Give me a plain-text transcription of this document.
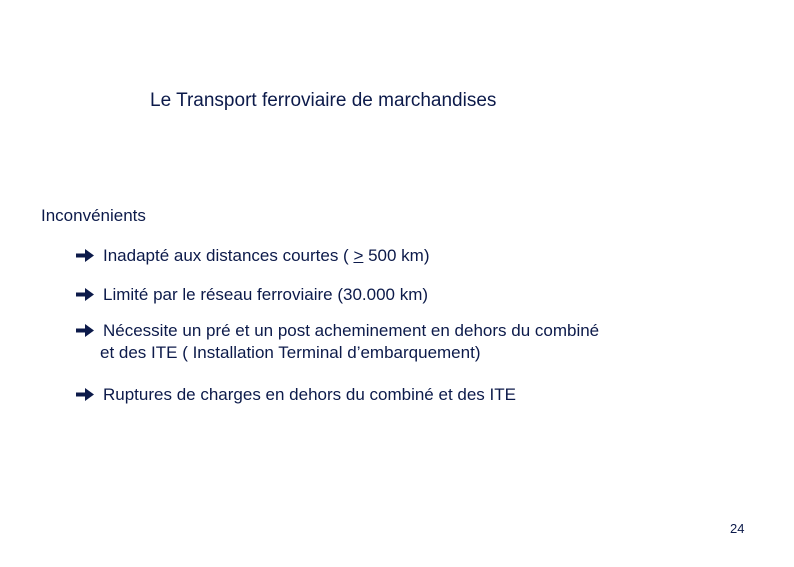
Le Transport ferroviaire de marchandises
Inconvénients
Inadapté aux distances courtes ( > 500 km)
Limité par le réseau ferroviaire (30.000 km)
Nécessite un pré et un post acheminement en dehors du combiné
et des ITE ( Installation Terminal d’embarquement)
Ruptures de charges en dehors du combiné et des ITE
24
